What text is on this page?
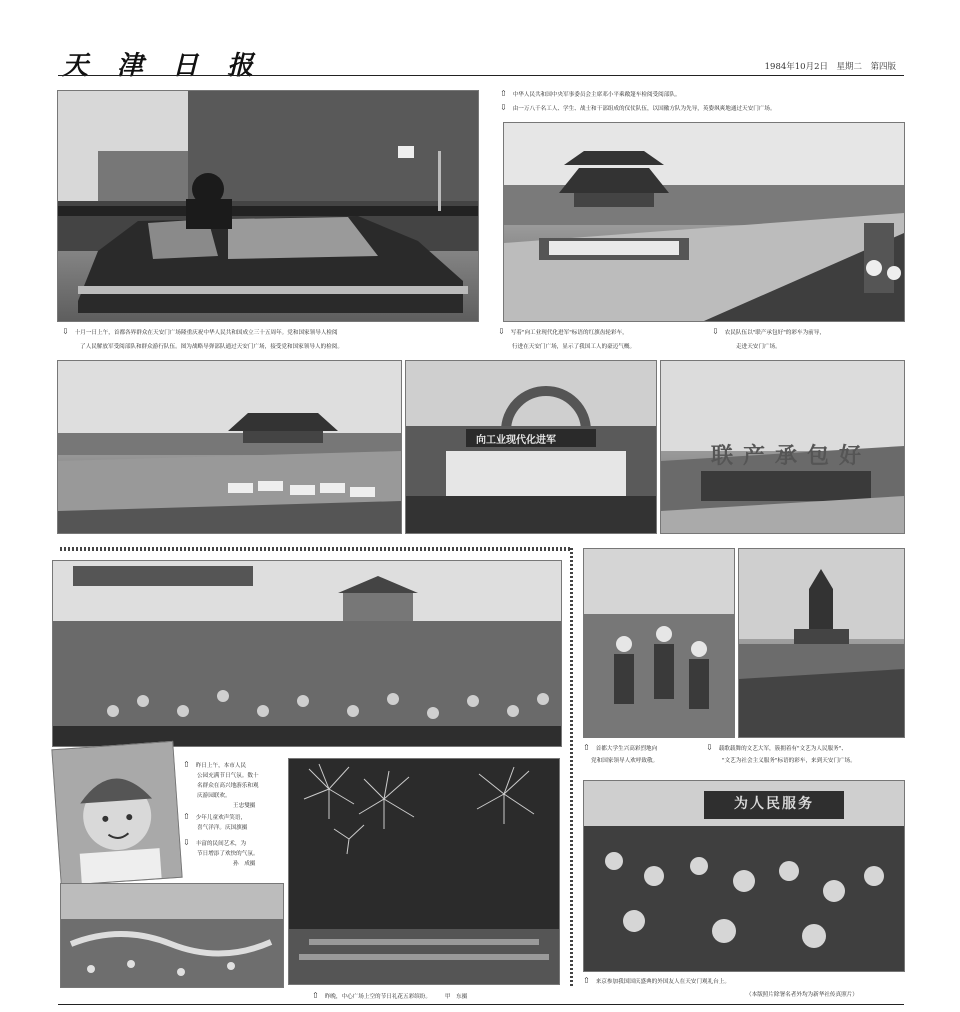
天 津 日 报	1984年10月2日　星期二　第四版
⇧ 中华人民共和国中央军事委员会主席邓小平乘敞篷车检阅受阅部队。
⇩ 由一万八千名工人、学生、战士和干部组成的仪仗队伍，以国徽方队为先导，英姿飒爽地通过天安门广场。
⇩ 十月一日上午，首都各界群众在天安门广场隆重庆祝中华人民共和国成立三十五周年。党和国家领导人检阅
了人民解放军受阅部队和群众游行队伍。图为战略导弹部队通过天安门广场，接受党和国家领导人的检阅。
⇩ 写着"向工业现代化进军"标语的红旗齿轮彩车，
行进在天安门广场，显示了我国工人的豪迈气概。
⇩ 农民队伍以"联产承包好"的彩车为前导，
走进天安门广场。
向工业现代化进军
联产承包好
⇧ 昨日上午，本市人民
公园充满节日气氛。数十
名群众在高兴地游乐和观
庆游园联欢。
王忠燮摄
⇧ 少年儿童欢声笑语，
喜气洋洋。庆国旗摄
⇩ 丰富的民间艺术，为
节日增添了欢快的气氛。
孙　成摄
⇧ 昨晚，中心广场上空的节日礼花五彩缤纷。　　　甲　东摄
⇧ 首都大学生兴高彩烈地向
党和国家领导人欢呼致敬。
⇩ 载歌载舞的文艺大军，簇拥着有"文艺为人民服务"、
"文艺为社会主义服务"标语的彩车，来到天安门广场。
为人民服务
⇧ 来京参加我国国庆盛典的外国友人在天安门观礼台上。
（本版照片除署名者外均为新华社传真照片）
